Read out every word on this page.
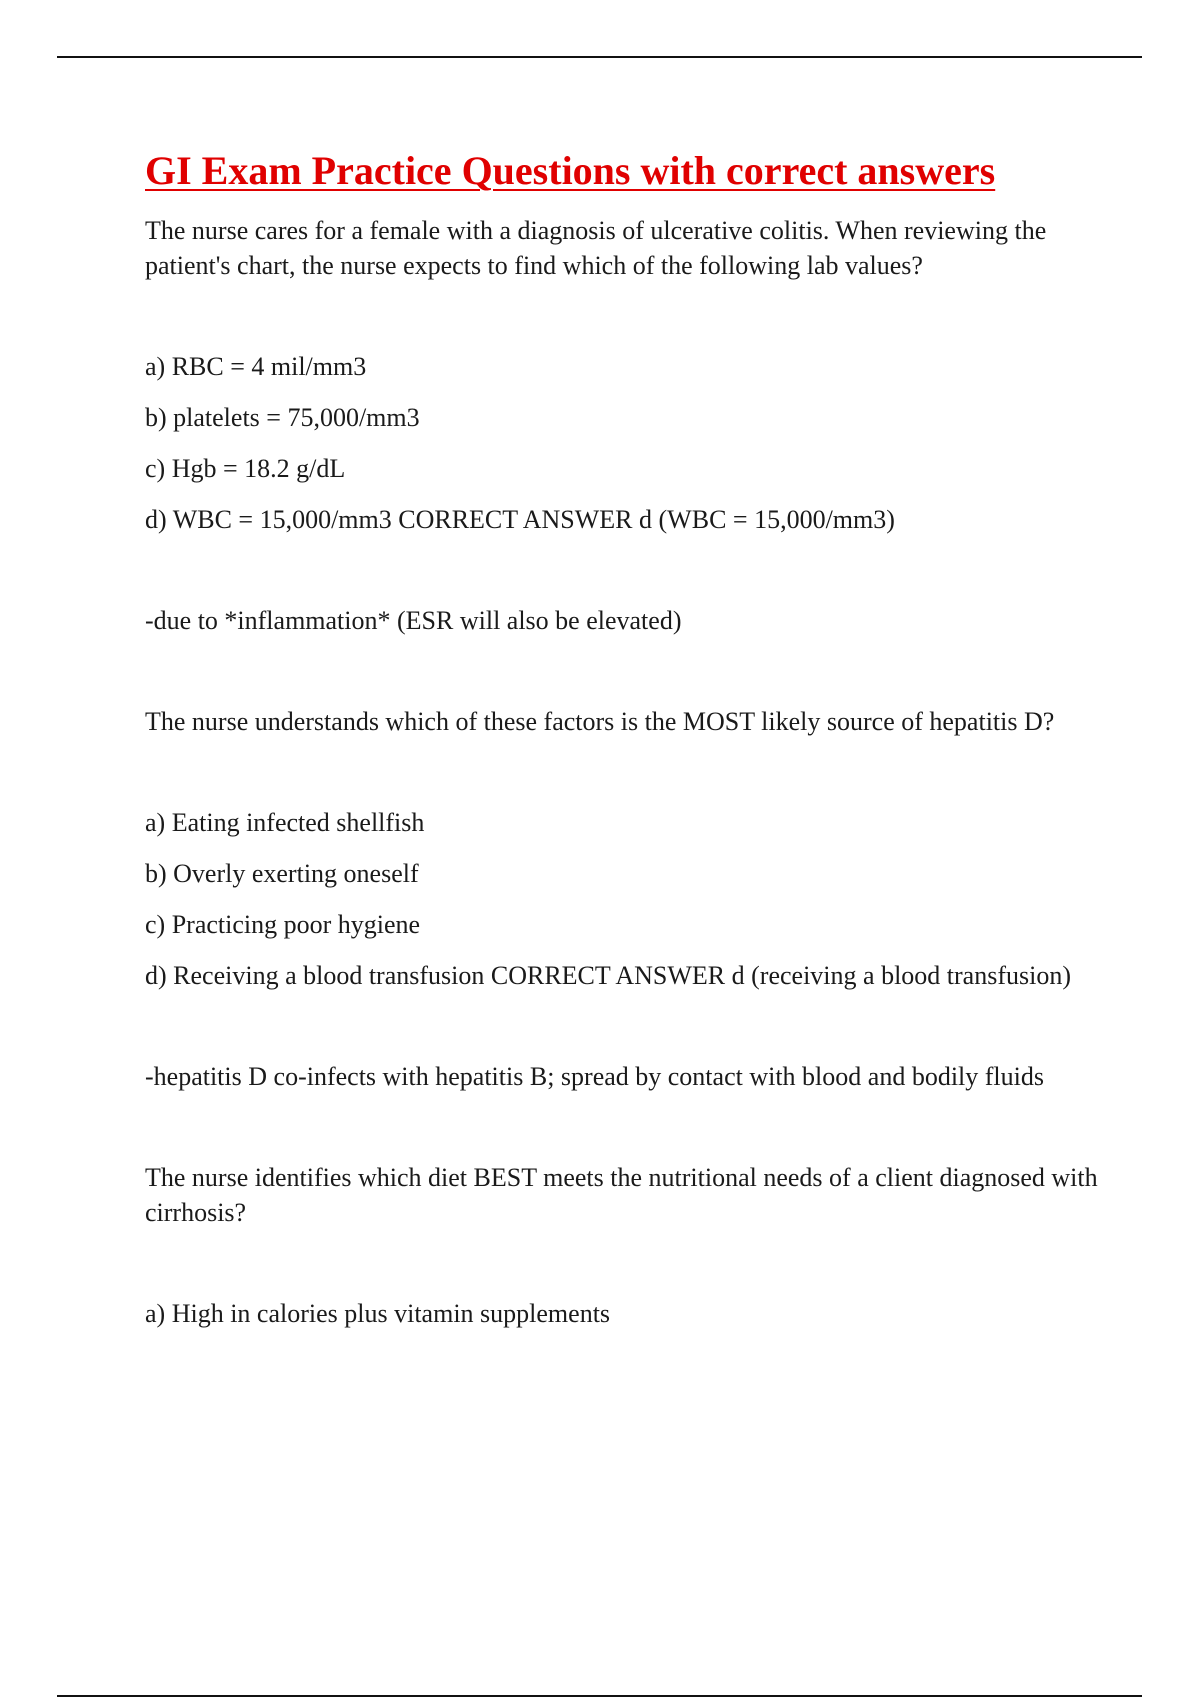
GI Exam Practice Questions with correct answers

The nurse cares for a female with a diagnosis of ulcerative colitis. When reviewing the patient's chart, the nurse expects to find which of the following lab values?

a) RBC = 4 mil/mm3

b) platelets = 75,000/mm3

c) Hgb = 18.2 g/dL

d) WBC = 15,000/mm3 CORRECT ANSWER d (WBC = 15,000/mm3)

-due to *inflammation* (ESR will also be elevated)

The nurse understands which of these factors is the MOST likely source of hepatitis D?

a) Eating infected shellfish

b) Overly exerting oneself

c) Practicing poor hygiene

d) Receiving a blood transfusion CORRECT ANSWER d (receiving a blood transfusion)

-hepatitis D co-infects with hepatitis B; spread by contact with blood and bodily fluids

The nurse identifies which diet BEST meets the nutritional needs of a client diagnosed with cirrhosis?

a) High in calories plus vitamin supplements
